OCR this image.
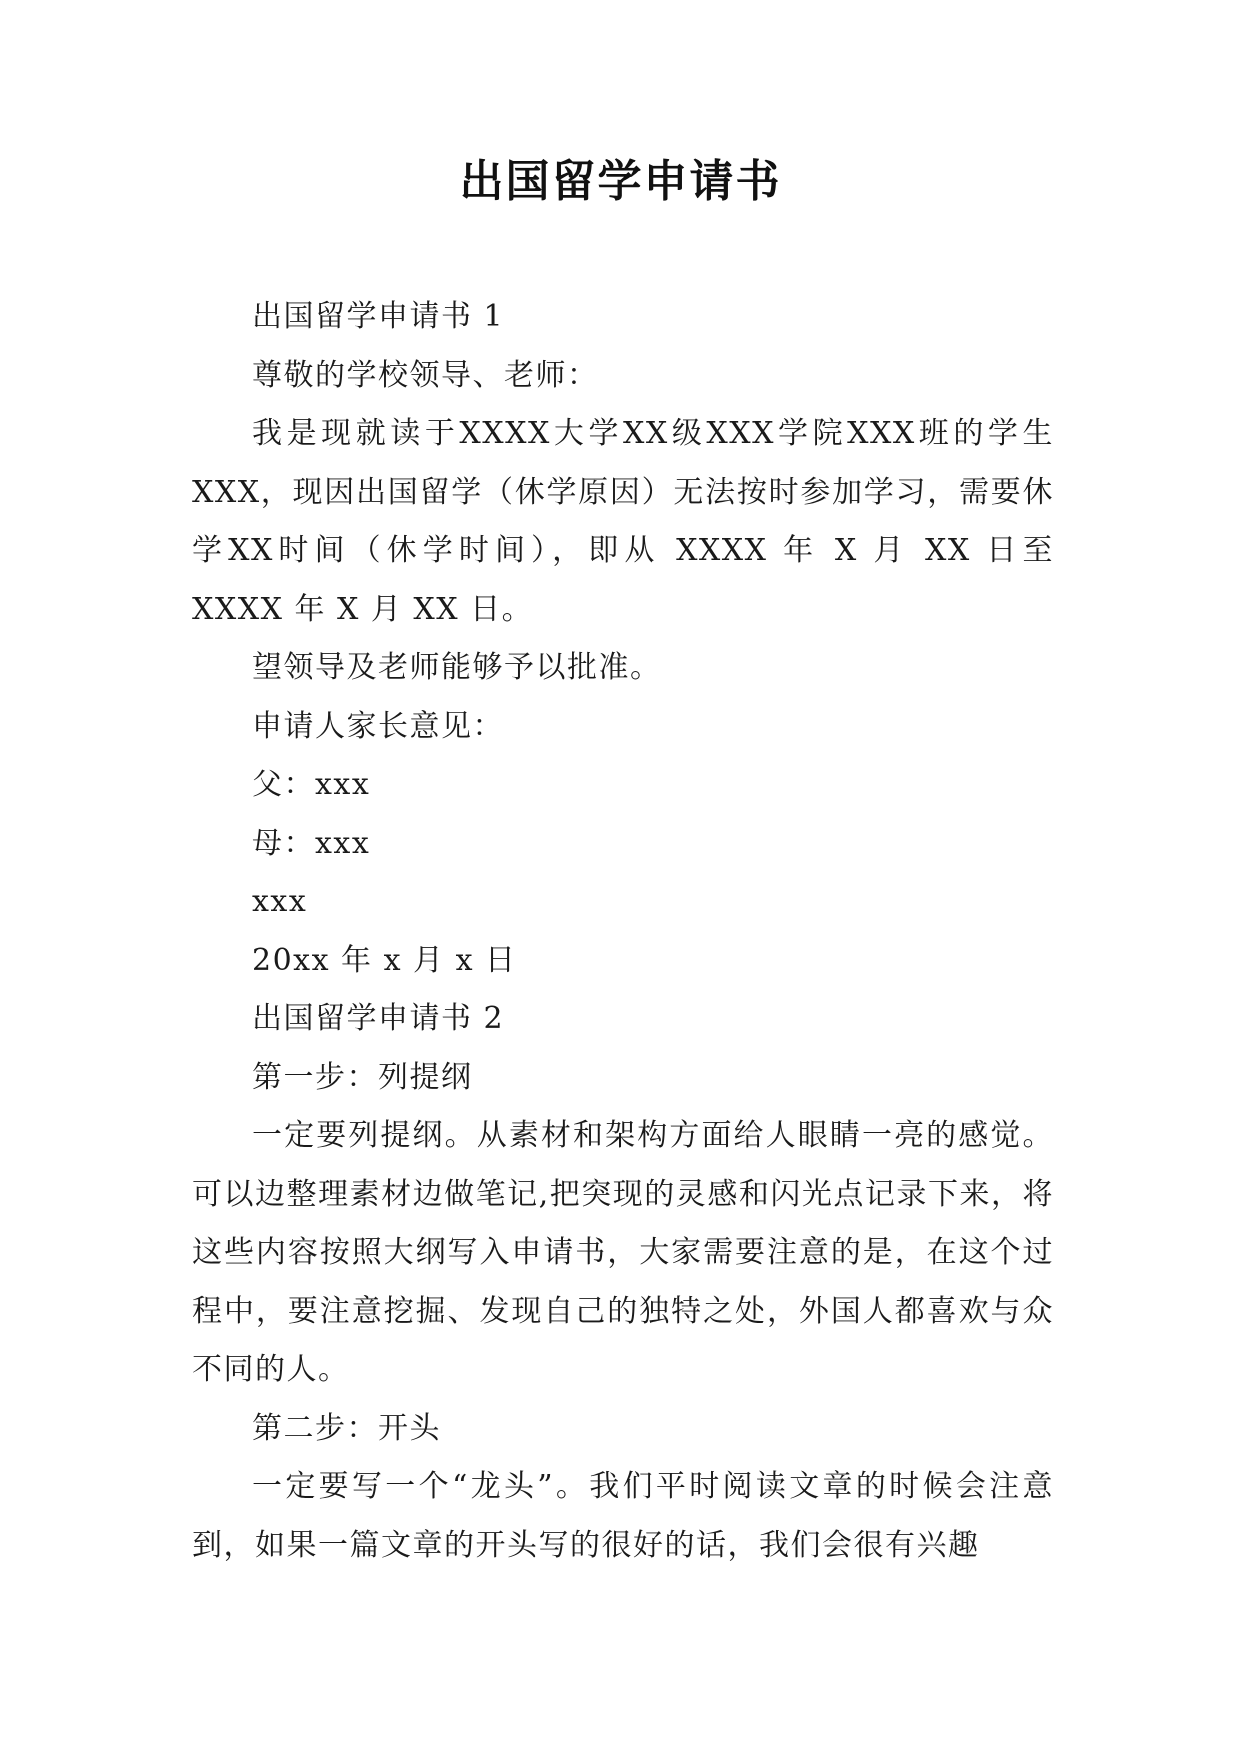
出国留学申请书

出国留学申请书 1

尊敬的学校领导、老师：

我是现就读于XXXX大学XX级XXX学院XXX班的学生XXX，现因出国留学（休学原因）无法按时参加学习，需要休学XX时间（休学时间），即从 XXXX 年 X 月 XX 日至 XXXX 年 X 月 XX 日。

望领导及老师能够予以批准。

申请人家长意见：

父：xxx

母：xxx

xxx

20xx 年 x 月 x 日

出国留学申请书 2

第一步：列提纲

一定要列提纲。从素材和架构方面给人眼睛一亮的感觉。可以边整理素材边做笔记,把突现的灵感和闪光点记录下来，将这些内容按照大纲写入申请书，大家需要注意的是，在这个过程中，要注意挖掘、发现自己的独特之处，外国人都喜欢与众不同的人。

第二步：开头

一定要写一个“龙头”。我们平时阅读文章的时候会注意到，如果一篇文章的开头写的很好的话，我们会很有兴趣
